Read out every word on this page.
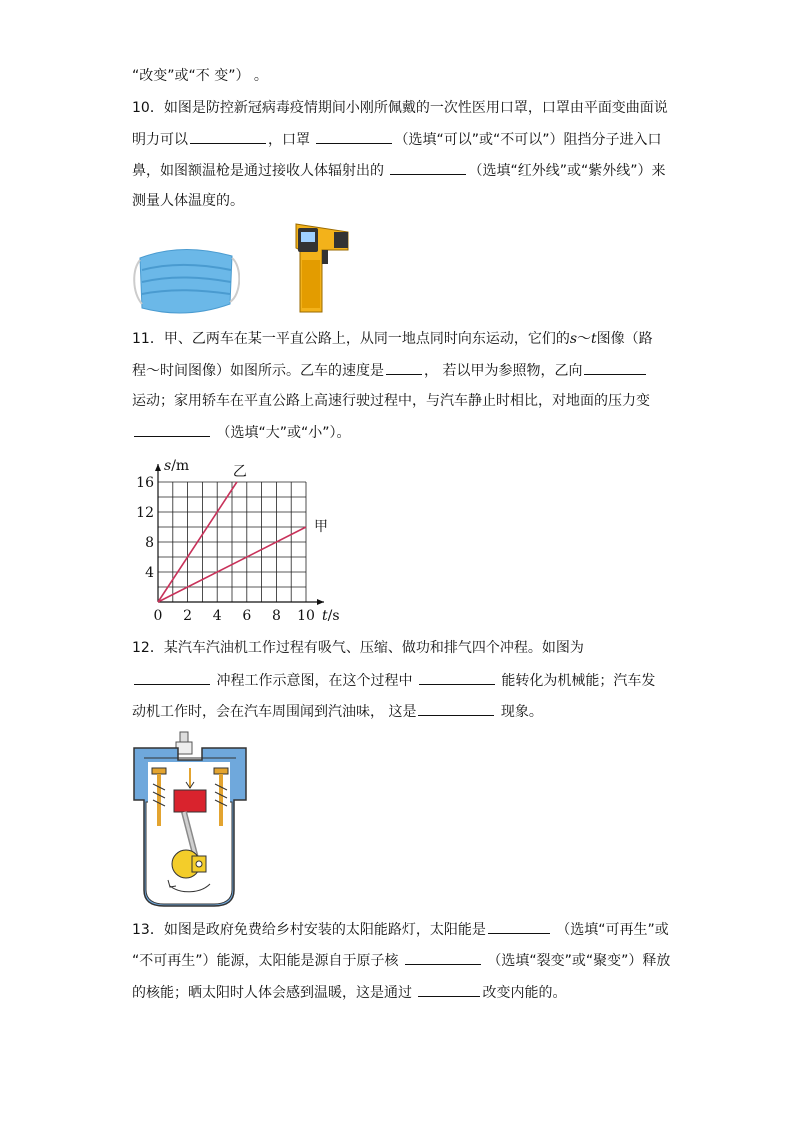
“改变”或“不 变”） 。
10．如图是防控新冠病毒疫情期间小刚所佩戴的一次性医用口罩，口罩由平面变曲面说
明力可以	，口罩	（选填“可以”或“不可以”）阻挡分子进入口
鼻，如图额温枪是通过接收人体辐射出的	（选填“红外线”或“紫外线”）来
测量人体温度的。
11．甲、乙两车在某一平直公路上，从同一地点同时向东运动，它们的s～t图像（路
程～时间图像）如图所示。乙车的速度是	， 若以甲为参照物，乙向
运动；家用轿车在平直公路上高速行驶过程中，与汽车静止时相比，对地面的压力变
（选填“大”或“小”）。
乙
甲
0 2 4 6 8 10
4
8
12
16
s/m
t/s
12．某汽车汽油机工作过程有吸气、压缩、做功和排气四个冲程。如图为
冲程工作示意图，在这个过程中	能转化为机械能；汽车发
动机工作时，会在汽车周围闻到汽油味， 这是	现象。
13．如图是政府免费给乡村安装的太阳能路灯，太阳能是	（选填“可再生”或
“不可再生”）能源，太阳能是源自于原子核	（选填“裂变”或“聚变”）释放
的核能；晒太阳时人体会感到温暖，这是通过	改变内能的。
